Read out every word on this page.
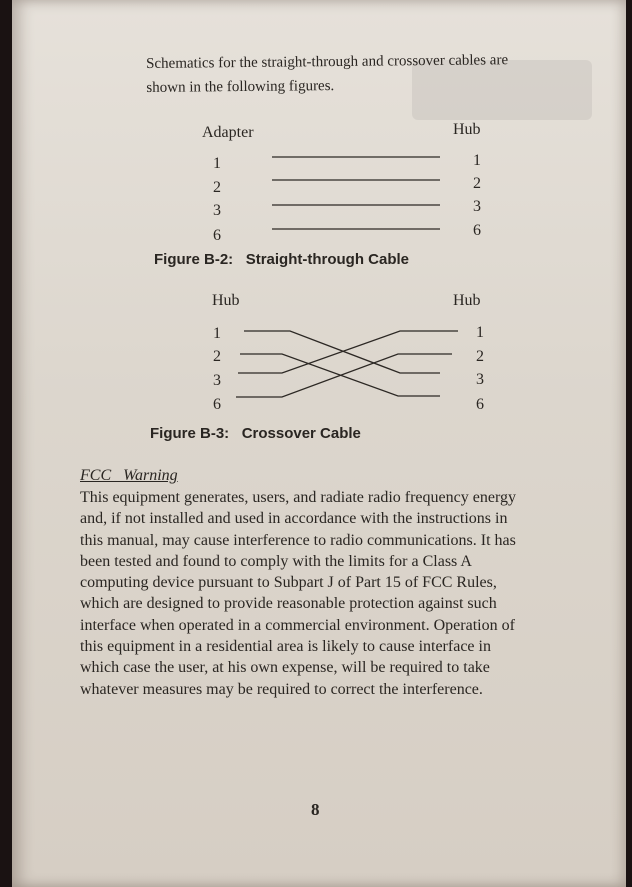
Schematics for the straight-through and crossover cables are
shown in the following figures.
Adapter	Hub
1
2
3
6
1
2
3
6
Figure B-2: Straight-through Cable
Hub	Hub
1
2
3
6
1
2
3
6
Figure B-3: Crossover Cable
FCC   Warning
This equipment generates, users, and radiate radio frequency energy
and, if not installed and used in accordance with the instructions in
this manual, may cause interference to radio communications. It has
been tested and found to comply with the limits for a Class A
computing device pursuant to Subpart J of Part 15 of FCC Rules,
which are designed to provide reasonable protection against such
interface when operated in a commercial environment. Operation of
this equipment in a residential area is likely to cause interface in
which case the user, at his own expense, will be required to take
whatever measures may be required to correct the interference.
8
